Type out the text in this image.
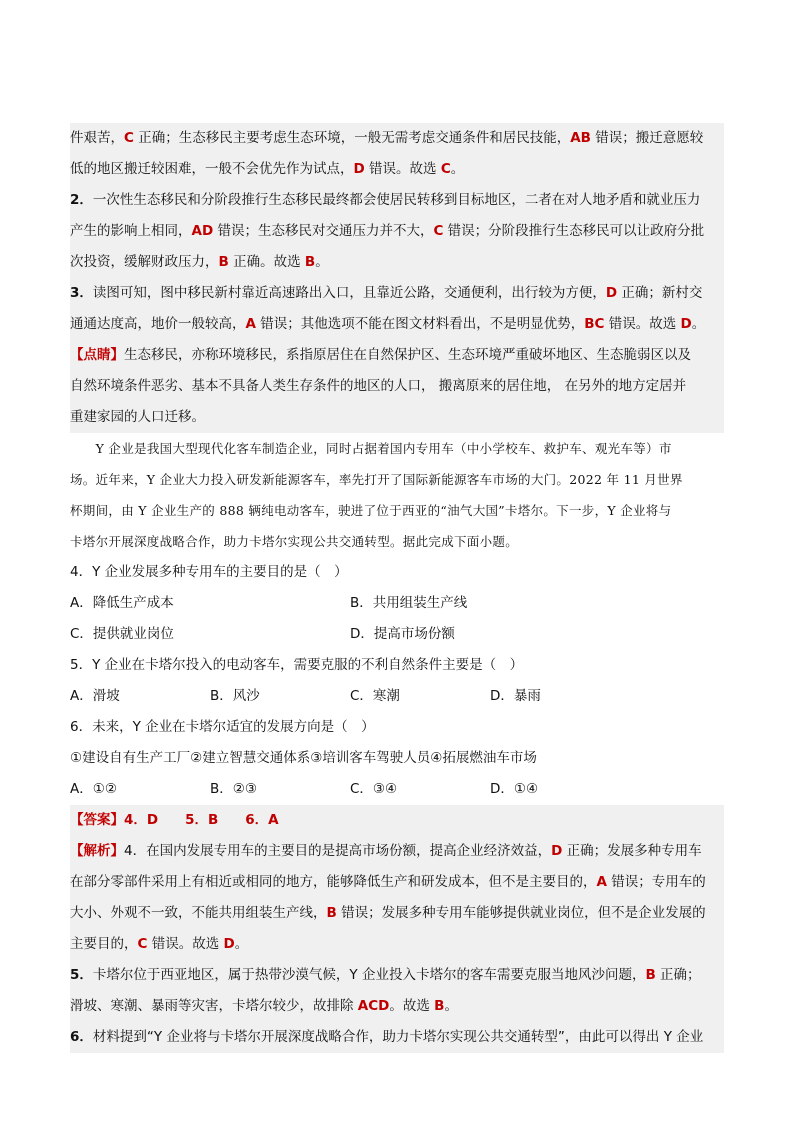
件艰苦，C 正确；生态移民主要考虑生态环境，一般无需考虑交通条件和居民技能，AB 错误；搬迁意愿较
低的地区搬迁较困难，一般不会优先作为试点，D 错误。故选 C。
2．一次性生态移民和分阶段推行生态移民最终都会使居民转移到目标地区，二者在对人地矛盾和就业压力
产生的影响上相同，AD 错误；生态移民对交通压力并不大，C 错误；分阶段推行生态移民可以让政府分批
次投资，缓解财政压力，B 正确。故选 B。
3．读图可知，图中移民新村靠近高速路出入口，且靠近公路，交通便利，出行较为方便，D 正确；新村交
通通达度高，地价一般较高，A 错误；其他选项不能在图文材料看出，不是明显优势，BC 错误。故选 D。
【点睛】生态移民，亦称环境移民，系指原居住在自然保护区、生态环境严重破坏地区、生态脆弱区以及
自然环境条件恶劣、基本不具备人类生存条件的地区的人口， 搬离原来的居住地， 在另外的地方定居并
重建家园的人口迁移。
　　Y 企业是我国大型现代化客车制造企业，同时占据着国内专用车（中小学校车、救护车、观光车等）市
场。近年来，Y 企业大力投入研发新能源客车，率先打开了国际新能源客车市场的大门。2022 年 11 月世界
杯期间，由 Y 企业生产的 888 辆纯电动客车，驶进了位于西亚的“油气大国”卡塔尔。下一步，Y 企业将与
卡塔尔开展深度战略合作，助力卡塔尔实现公共交通转型。据此完成下面小题。
4．Y 企业发展多种专用车的主要目的是（　）
A．降低生产成本	B．共用组装生产线
C．提供就业岗位	D．提高市场份额
5．Y 企业在卡塔尔投入的电动客车，需要克服的不利自然条件主要是（　）
A．滑坡	B．风沙	C．寒潮	D．暴雨
6．未来，Y 企业在卡塔尔适宜的发展方向是（　）
①建设自有生产工厂②建立智慧交通体系③培训客车驾驶人员④拓展燃油车市场
A．①②	B．②③	C．③④	D．①④
【答案】4．D　　5．B　　6．A
【解析】4．在国内发展专用车的主要目的是提高市场份额，提高企业经济效益，D 正确；发展多种专用车
在部分零部件采用上有相近或相同的地方，能够降低生产和研发成本，但不是主要目的，A 错误；专用车的
大小、外观不一致，不能共用组装生产线，B 错误；发展多种专用车能够提供就业岗位，但不是企业发展的
主要目的，C 错误。故选 D。
5．卡塔尔位于西亚地区，属于热带沙漠气候，Y 企业投入卡塔尔的客车需要克服当地风沙问题，B 正确；
滑坡、寒潮、暴雨等灾害，卡塔尔较少，故排除 ACD。故选 B。
6．材料提到“Y 企业将与卡塔尔开展深度战略合作，助力卡塔尔实现公共交通转型”，由此可以得出 Y 企业
